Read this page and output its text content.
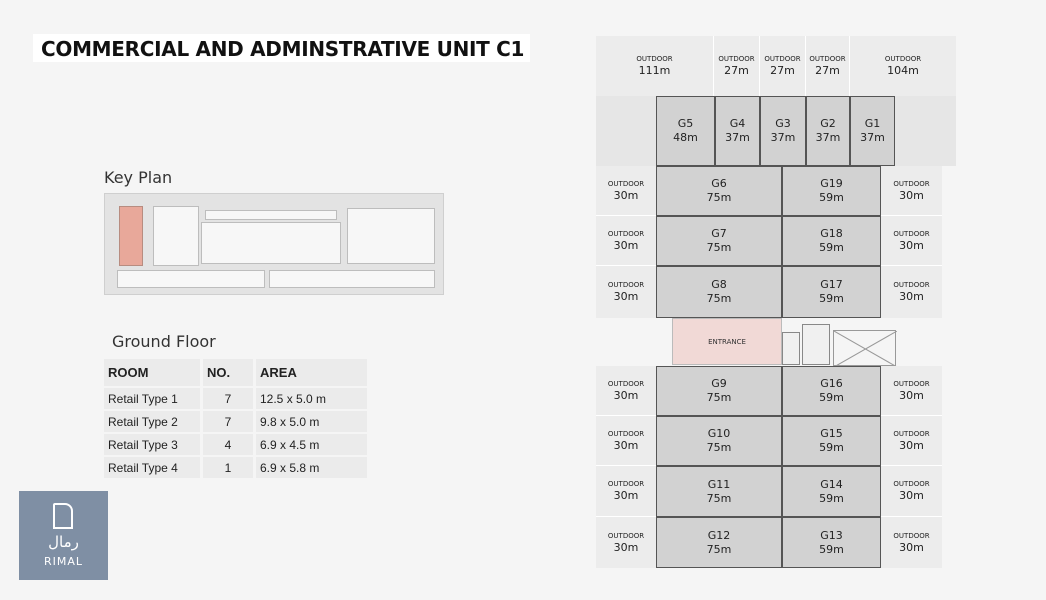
COMMERCIAL AND ADMINSTRATIVE UNIT C1
Key Plan
Ground Floor
ROOM	NO.	AREA
Retail Type 1	7	12.5 x 5.0 m
Retail Type 2	7	9.8 x 5.0 m
Retail Type 3	4	6.9 x 4.5 m
Retail Type 4	1	6.9 x 5.8 m
رمال
RIMAL
OUTDOOR
111m
OUTDOOR
27m
OUTDOOR
27m
OUTDOOR
27m
OUTDOOR
104m
G5
48m
G4
37m
G3
37m
G2
37m
G1
37m
OUTDOOR
30m
G6
75m
G19
59m
OUTDOOR
30m
OUTDOOR
30m
G7
75m
G18
59m
OUTDOOR
30m
OUTDOOR
30m
G8
75m
G17
59m
OUTDOOR
30m
ENTRANCE
OUTDOOR
30m
G9
75m
G16
59m
OUTDOOR
30m
OUTDOOR
30m
G10
75m
G15
59m
OUTDOOR
30m
OUTDOOR
30m
G11
75m
G14
59m
OUTDOOR
30m
OUTDOOR
30m
G12
75m
G13
59m
OUTDOOR
30m
